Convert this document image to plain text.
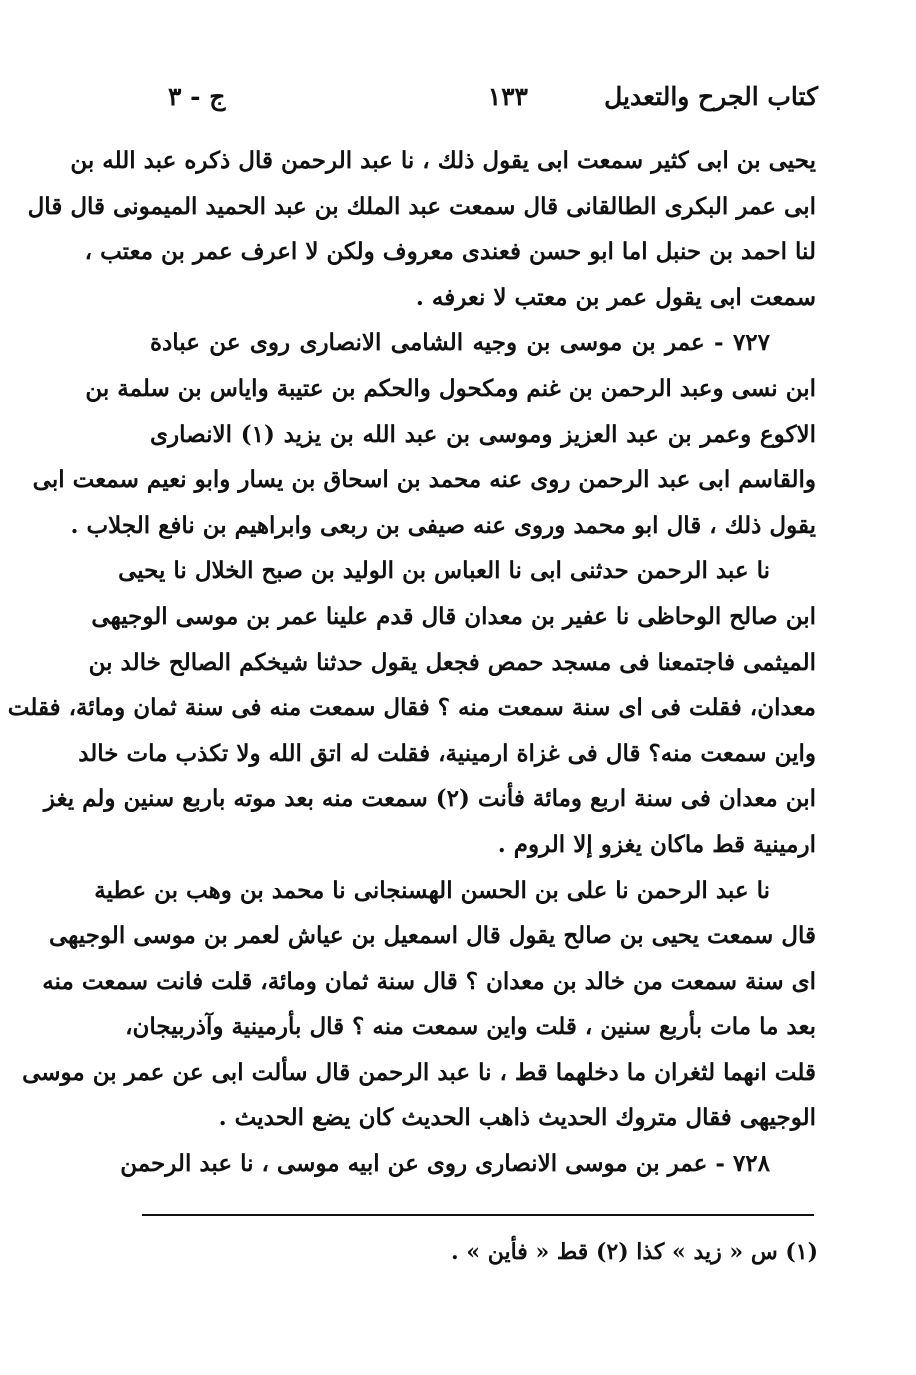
كتاب الجرح والتعديل
١٣٣
ج - ٣
يحيى بن ابى كثير سمعت ابى يقول ذلك ، نا عبد الرحمن قال ذكره عبد الله بن
ابى عمر البكرى الطالقانى قال سمعت عبد الملك بن عبد الحميد الميمونى قال قال
لنا احمد بن حنبل اما ابو حسن فعندى معروف ولكن لا اعرف عمر بن معتب ،
سمعت ابى يقول عمر بن معتب لا نعرفه .
٧٢٧ - عمر بن موسى بن وجيه الشامى الانصارى روى عن عبادة
ابن نسى وعبد الرحمن بن غنم ومكحول والحكم بن عتيبة واياس بن سلمة بن
الاكوع وعمر بن عبد العزيز وموسى بن عبد الله بن يزيد (١) الانصارى
والقاسم ابى عبد الرحمن روى عنه محمد بن اسحاق بن يسار وابو نعيم سمعت ابى
يقول ذلك ، قال ابو محمد وروى عنه صيفى بن ربعى وابراهيم بن نافع الجلاب .
نا عبد الرحمن حدثنى ابى نا العباس بن الوليد بن صبح الخلال نا يحيى
ابن صالح الوحاظى نا عفير بن معدان قال قدم علينا عمر بن موسى الوجيهى
الميثمى فاجتمعنا فى مسجد حمص فجعل يقول حدثنا شيخكم الصالح خالد بن
معدان، فقلت فى اى سنة سمعت منه ؟ فقال سمعت منه فى سنة ثمان ومائة، فقلت
واين سمعت منه؟ قال فى غزاة ارمينية، فقلت له اتق الله ولا تكذب مات خالد
ابن معدان فى سنة اربع ومائة فأنت (٢) سمعت منه بعد موته باربع سنين ولم يغز
ارمينية قط ماكان يغزو إلا الروم .
نا عبد الرحمن نا على بن الحسن الهسنجانى نا محمد بن وهب بن عطية
قال سمعت يحيى بن صالح يقول قال اسمعيل بن عياش لعمر بن موسى الوجيهى
اى سنة سمعت من خالد بن معدان ؟ قال سنة ثمان ومائة، قلت فانت سمعت منه
بعد ما مات بأربع سنين ، قلت واين سمعت منه ؟ قال بأرمينية وآذربيجان،
قلت انهما لثغران ما دخلهما قط ، نا عبد الرحمن قال سألت ابى عن عمر بن موسى
الوجيهى فقال متروك الحديث ذاهب الحديث كان يضع الحديث .
٧٢٨ - عمر بن موسى الانصارى روى عن ابيه موسى ، نا عبد الرحمن
(١) س « زيد » كذا (٢) قط « فأين » .
